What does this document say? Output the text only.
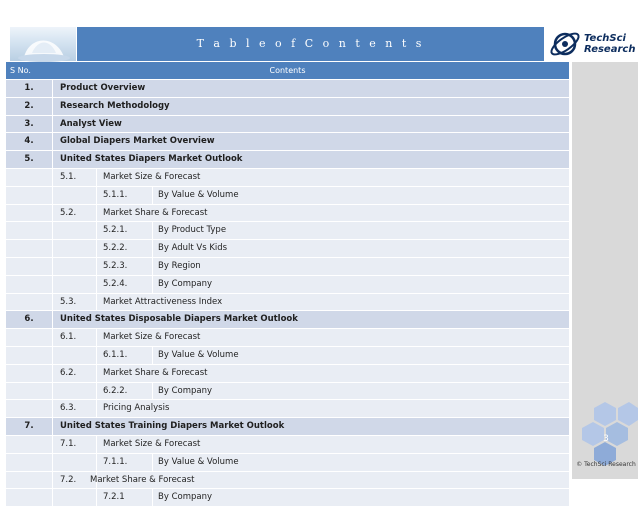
T a b l e o f C o n t e n t s	TechSci
Research
3
© TechSci Research
S No.	Contents
1.	Product Overview
2.	Research Methodology
3.	Analyst View
4.	Global Diapers Market Overview
5.	United States Diapers Market Outlook
5.1.	Market Size & Forecast
5.1.1.	By Value & Volume
5.2.	Market Share & Forecast
5.2.1.	By Product Type
5.2.2.	By Adult Vs Kids
5.2.3.	By Region
5.2.4.	By Company
5.3.	Market Attractiveness Index
6.	United States Disposable Diapers Market Outlook
6.1.	Market Size & Forecast
6.1.1.	By Value & Volume
6.2.	Market Share & Forecast
6.2.2.	By Company
6.3.	Pricing Analysis
7.	United States Training Diapers Market Outlook
7.1.	Market Size & Forecast
7.1.1.	By Value & Volume
7.2. Market Share & Forecast
7.2.1	By Company
